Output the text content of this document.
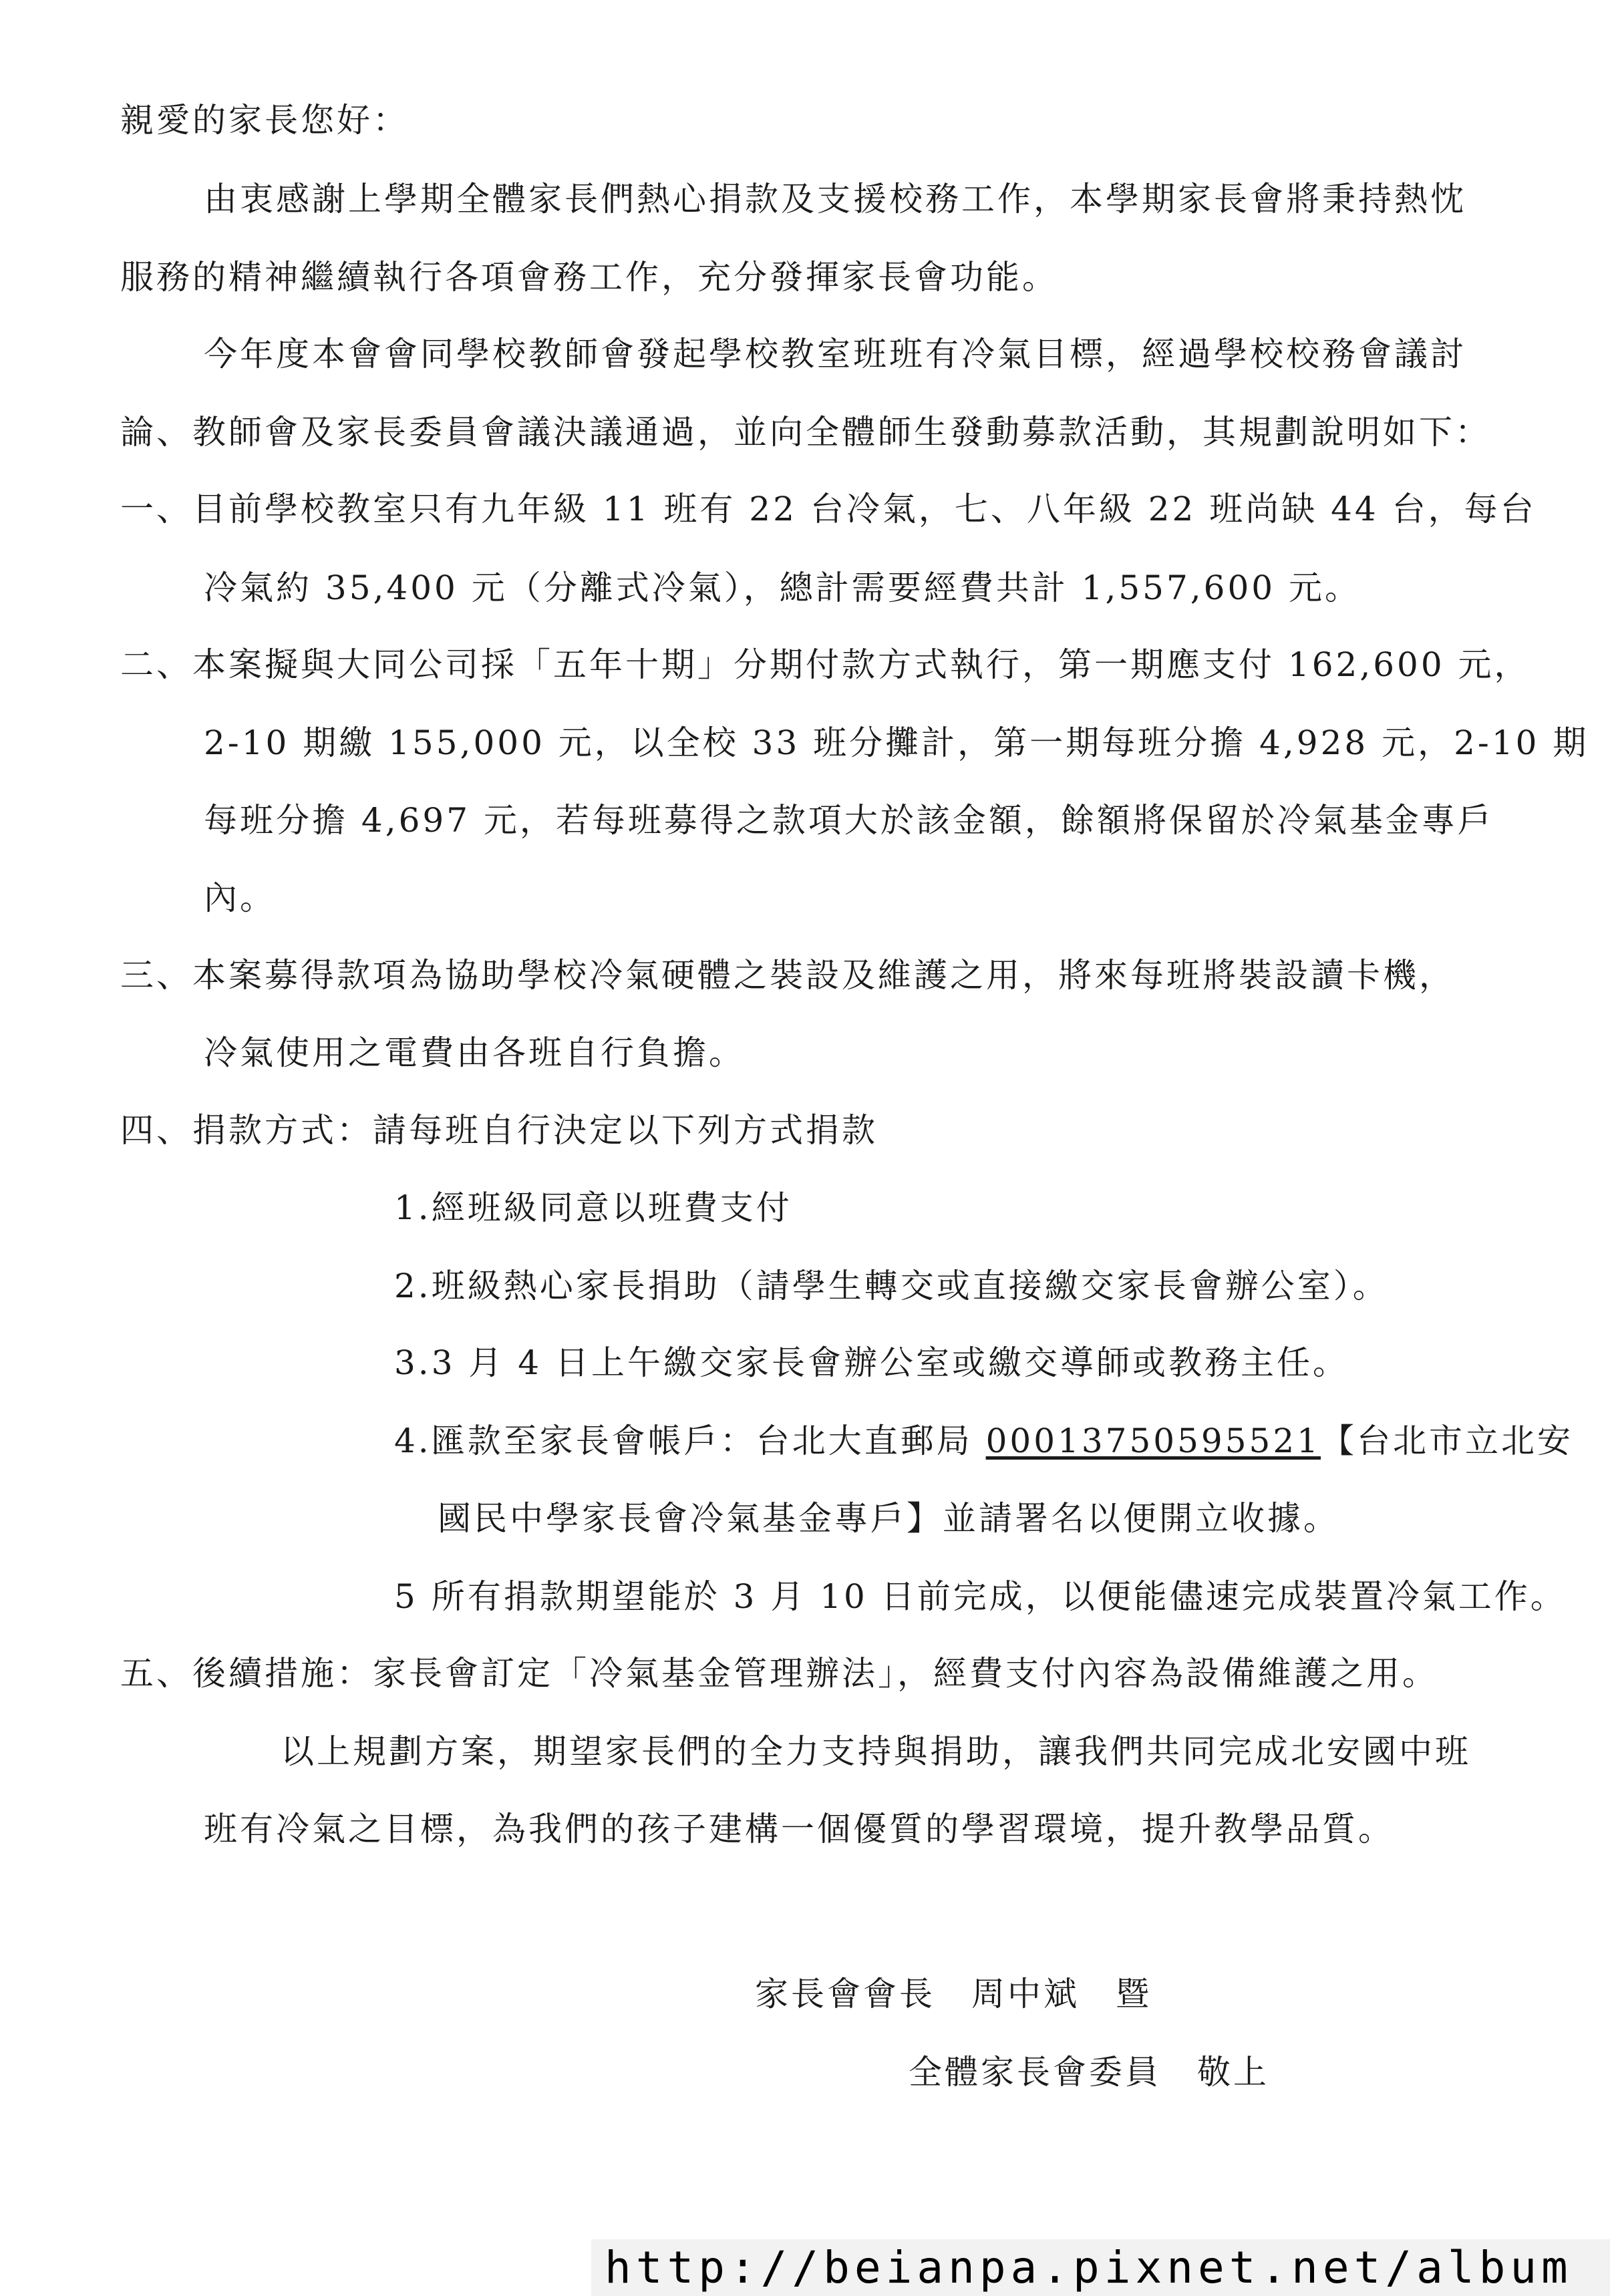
親愛的家長您好：
由衷感謝上學期全體家長們熱心捐款及支援校務工作，本學期家長會將秉持熱忱
服務的精神繼續執行各項會務工作，充分發揮家長會功能。
今年度本會會同學校教師會發起學校教室班班有冷氣目標，經過學校校務會議討
論、教師會及家長委員會議決議通過，並向全體師生發動募款活動，其規劃說明如下：
一、目前學校教室只有九年級 11 班有 22 台冷氣，七、八年級 22 班尚缺 44 台，每台
冷氣約 35,400 元（分離式冷氣），總計需要經費共計 1,557,600 元。
二、本案擬與大同公司採「五年十期」分期付款方式執行，第一期應支付 162,600 元，
2-10 期繳 155,000 元，以全校 33 班分攤計，第一期每班分擔 4,928 元，2-10 期
每班分擔 4,697 元，若每班募得之款項大於該金額，餘額將保留於冷氣基金專戶
內。
三、本案募得款項為協助學校冷氣硬體之裝設及維護之用，將來每班將裝設讀卡機，
冷氣使用之電費由各班自行負擔。
四、捐款方式：請每班自行決定以下列方式捐款
1.經班級同意以班費支付
2.班級熱心家長捐助（請學生轉交或直接繳交家長會辦公室）。
3.3 月 4 日上午繳交家長會辦公室或繳交導師或教務主任。
4.匯款至家長會帳戶：台北大直郵局 00013750595521【台北市立北安
國民中學家長會冷氣基金專戶】並請署名以便開立收據。
5 所有捐款期望能於 3 月 10 日前完成，以便能儘速完成裝置冷氣工作。
五、後續措施：家長會訂定「冷氣基金管理辦法」，經費支付內容為設備維護之用。
以上規劃方案，期望家長們的全力支持與捐助，讓我們共同完成北安國中班
班有冷氣之目標，為我們的孩子建構一個優質的學習環境，提升教學品質。
家長會會長　周中斌　暨
全體家長會委員　敬上
http://beianpa.pixnet.net/album
